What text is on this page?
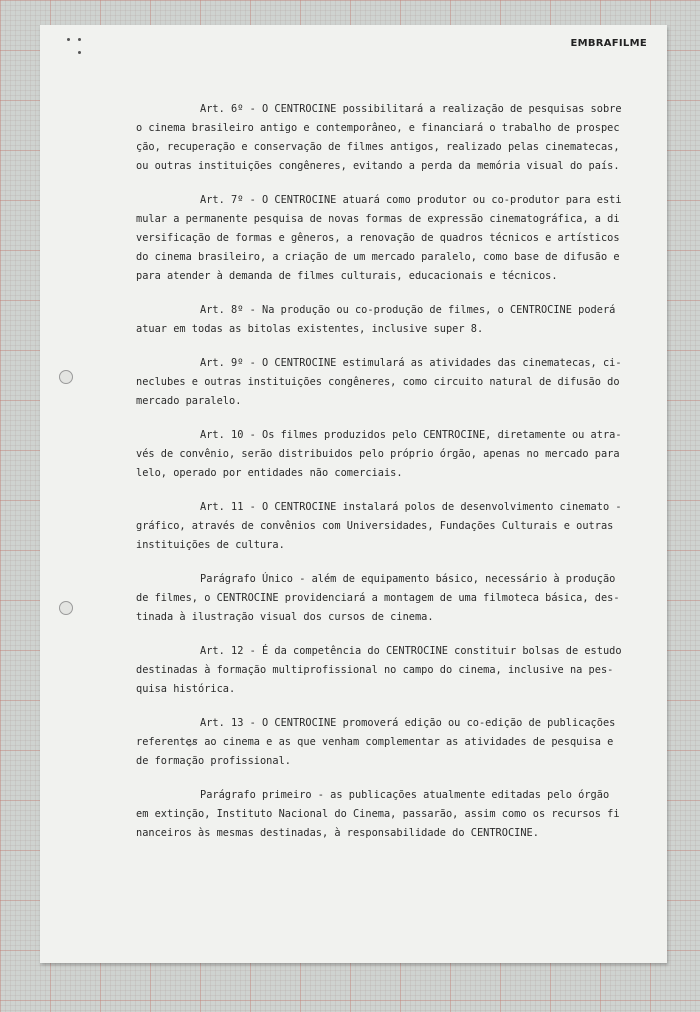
EMBRAFILME
Art. 6º - O CENTROCINE possibilitará a realização de pesquisas sobre
o cinema brasileiro antigo e contemporâneo, e financiará o trabalho de prospec
ção, recuperação e conservação de filmes antigos, realizado pelas cinematecas,
ou outras instituições congêneres, evitando a perda da memória visual do país.
Art. 7º - O CENTROCINE atuará como produtor ou co-produtor para esti
mular a permanente pesquisa de novas formas de expressão cinematográfica, a di
versificação de formas e gêneros, a renovação de quadros técnicos e artísticos
do cinema brasileiro, a criação de um mercado paralelo, como base de difusão e
para atender à demanda de filmes culturais, educacionais e técnicos.
Art. 8º - Na produção ou co-produção de filmes, o CENTROCINE poderá
atuar em todas as bitolas existentes, inclusive super 8.
Art. 9º - O CENTROCINE estimulará as atividades das cinematecas, ci-
neclubes e outras instituições congêneres, como circuito natural de difusão do
mercado paralelo.
Art. 10 - Os filmes produzidos pelo CENTROCINE, diretamente ou atra-
vés de convênio, serão distribuidos pelo próprio órgão, apenas no mercado para
lelo, operado por entidades não comerciais.
Art. 11 - O CENTROCINE instalará polos de desenvolvimento cinemato -
gráfico, através de convênios com Universidades, Fundações Culturais e outras
instituições de cultura.
Parágrafo Único - além de equipamento básico, necessário à produção
de filmes, o CENTROCINE providenciará a montagem de uma filmoteca básica, des-
tinada à ilustração visual dos cursos de cinema.
Art. 12 - É da competência do CENTROCINE constituir bolsas de estudo
destinadas à formação multiprofissional no campo do cinema, inclusive na pes-
quisa histórica.
Art. 13 - O CENTROCINE promoverá edição ou co-edição de publicações
referentes ao cinema e as que venham complementar as atividades de pesquisa e
de formação profissional.
Parágrafo primeiro - as publicações atualmente editadas pelo órgão
em extinção, Instituto Nacional do Cinema, passarão, assim como os recursos fi
nanceiros às mesmas destinadas, à responsabilidade do CENTROCINE.
